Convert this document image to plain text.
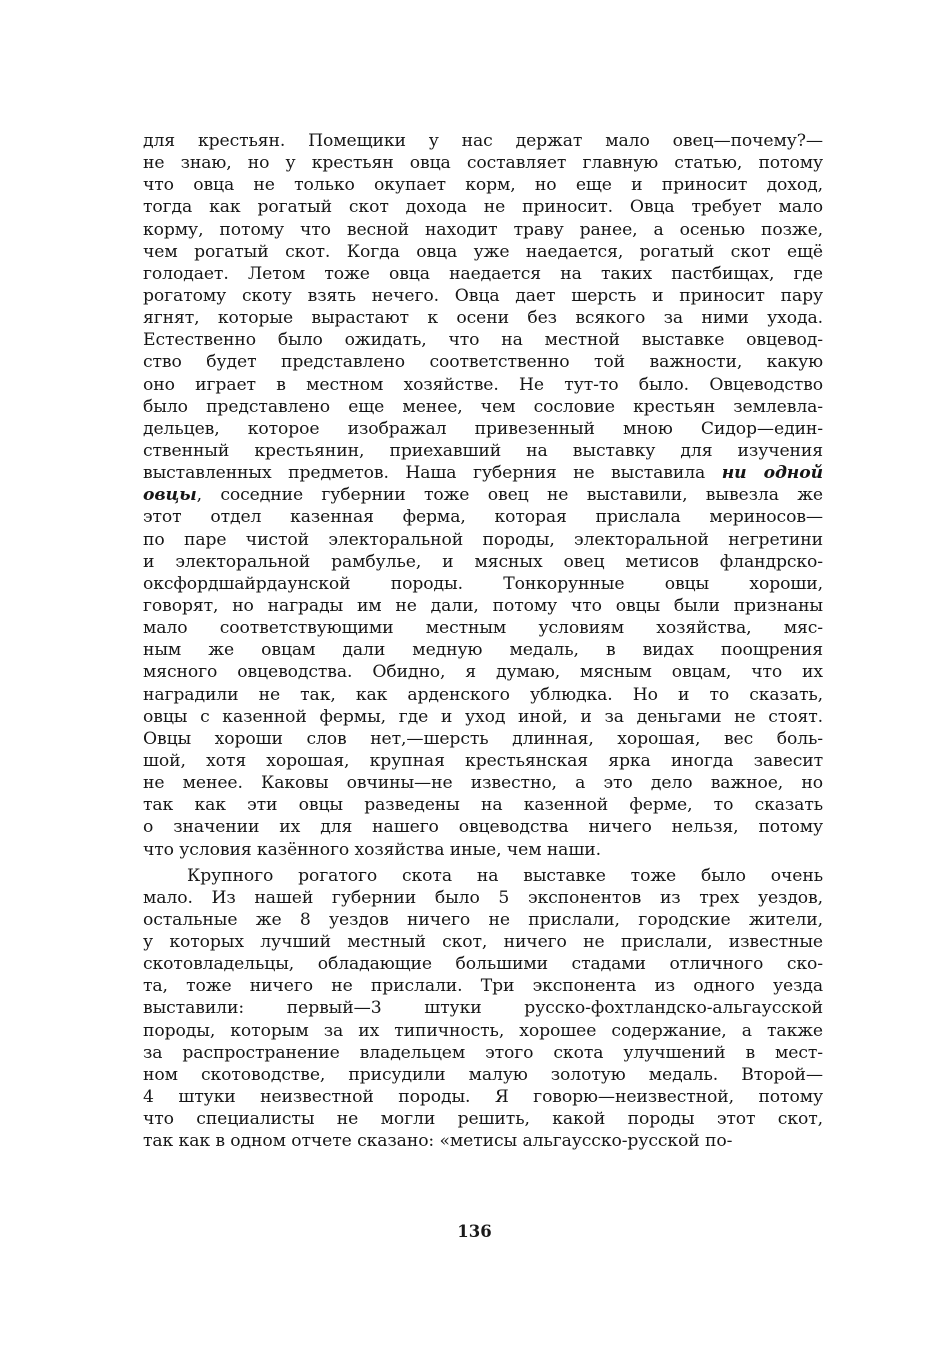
для крестьян. Помещики у нас держат мало овец—почему?—
не знаю, но у крестьян овца составляет главную статью, потому
что овца не только окупает корм, но еще и приносит доход,
тогда как рогатый скот дохода не приносит. Овца требует мало
корму, потому что весной находит траву ранее, а осенью позже,
чем рогатый скот. Когда овца уже наедается, рогатый скот ещё
голодает. Летом тоже овца наедается на таких пастбищах, где
рогатому скоту взять нечего. Овца дает шерсть и приносит пару
ягнят, которые вырастают к осени без всякого за ними ухода.
Естественно было ожидать, что на местной выставке овцевод-
ство будет представлено соответственно той важности, какую
оно играет в местном хозяйстве. Не тут-то было. Овцеводство
было представлено еще менее, чем сословие крестьян землевла-
дельцев, которое изображал привезенный мною Сидор—един-
ственный крестьянин, приехавший на выставку для изучения
выставленных предметов. Наша губерния не выставила ни одной
овцы, соседние губернии тоже овец не выставили, вывезла же
этот отдел казенная ферма, которая прислала мериносов—
по паре чистой электоральной породы, электоральной негретини
и электоральной рамбулье, и мясных овец метисов фландрско-
оксфордшайрдаунской породы. Тонкорунные овцы хороши,
говорят, но награды им не дали, потому что овцы были признаны
мало соответствующими местным условиям хозяйства, мяс-
ным же овцам дали медную медаль, в видах поощрения
мясного овцеводства. Обидно, я думаю, мясным овцам, что их
наградили не так, как арденского ублюдка. Но и то сказать,
овцы с казенной фермы, где и уход иной, и за деньгами не стоят.
Овцы хороши слов нет,—шерсть длинная, хорошая, вес боль-
шой, хотя хорошая, крупная крестьянская ярка иногда завесит
не менее. Каковы овчины—не известно, а это дело важное, но
так как эти овцы разведены на казенной ферме, то сказать
о значении их для нашего овцеводства ничего нельзя, потому
что условия казённого хозяйства иные, чем наши.
Крупного рогатого скота на выставке тоже было очень
мало. Из нашей губернии было 5 экспонентов из трех уездов,
остальные же 8 уездов ничего не прислали, городские жители,
у которых лучший местный скот, ничего не прислали, известные
скотовладельцы, обладающие большими стадами отличного ско-
та, тоже ничего не прислали. Три экспонента из одного уезда
выставили: первый—3 штуки русско-фохтландско-альгаусской
породы, которым за их типичность, хорошее содержание, а также
за распространение владельцем этого скота улучшений в мест-
ном скотоводстве, присудили малую золотую медаль. Второй—
4 штуки неизвестной породы. Я говорю—неизвестной, потому
что специалисты не могли решить, какой породы этот скот,
так как в одном отчете сказано: «метисы альгаусско-русской по-
136
